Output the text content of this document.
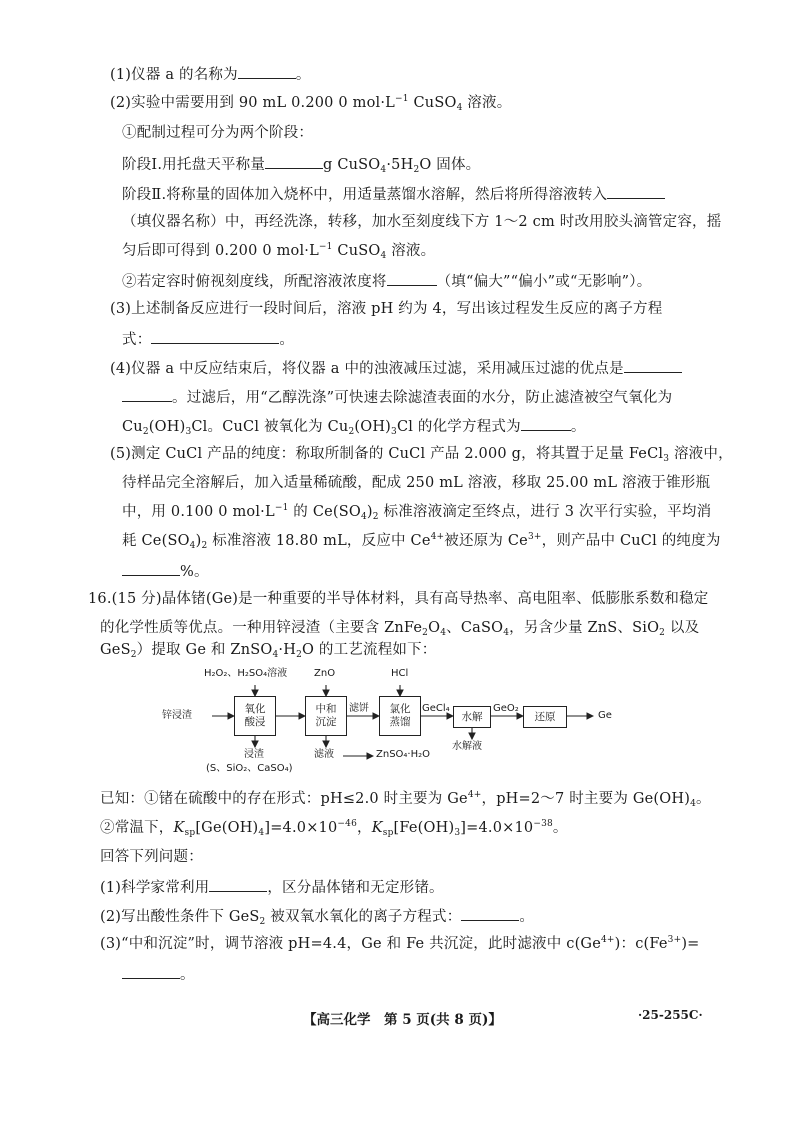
(1)仪器 a 的名称为	。
(2)实验中需要用到 90 mL 0.200 0 $mol\cdot L^{-1}$ CuSO$_4$ 溶液。
①配制过程可分为两个阶段：
阶段Ⅰ.用托盘天平称量	g $CuSO_4\cdot 5H_2O$ 固体。
阶段Ⅱ.将称量的固体加入烧杯中，用适量蒸馏水溶解，然后将所得溶液转入
（填仪器名称）中，再经洗涤，转移，加水至刻度线下方 1～2 cm 时改用胶头滴管定容，摇
匀后即可得到 0.200 0 $mol\cdot L^{-1}$ CuSO$_4$ 溶液。
②若定容时俯视刻度线，所配溶液浓度将	（填“偏大”“偏小”或“无影响”）。
(3)上述制备反应进行一段时间后，溶液 pH 约为 4，写出该过程发生反应的离子方程
式：	。
(4)仪器 a 中反应结束后，将仪器 a 中的浊液减压过滤，采用减压过滤的优点是
。过滤后，用“乙醇洗涤”可快速去除滤渣表面的水分，防止滤渣被空气氧化为
$Cu_2(OH)_3Cl$。CuCl 被氧化为 $Cu_2(OH)_3Cl$ 的化学方程式为	。
(5)测定 CuCl 产品的纯度：称取所制备的 CuCl 产品 2.000 g，将其置于足量 FeCl$_3$ 溶液中，
待样品完全溶解后，加入适量稀硫酸，配成 250 mL 溶液，移取 25.00 mL 溶液于锥形瓶
中，用 0.100 0 $mol\cdot L^{-1}$ 的 $Ce(SO_4)_2$ 标准溶液滴定至终点，进行 3 次平行实验，平均消
耗 $Ce(SO_4)_2$ 标准溶液 18.80 mL，反应中 $Ce^{4+}$被还原为 $Ce^{3+}$，则产品中 CuCl 的纯度为
%。
16.(15 分)晶体锗(Ge)是一种重要的半导体材料，具有高导热率、高电阻率、低膨胀系数和稳定
的化学性质等优点。一种用锌浸渣（主要含 $ZnFe_2O_4$、CaSO$_4$，另含少量 ZnS、SiO$_2$ 以及
GeS$_2$）提取 Ge 和 $ZnSO_4\cdot H_2O$ 的工艺流程如下：
H₂O₂、H₂SO₄溶液	ZnO	HCl
锌浸渣
氧化酸浸
中和沉淀
氯化蒸馏	水解	还原
滤饼	GeCl₄	GeO₂
Ge
浸渣
(S、SiO₂、CaSO₄)
滤液	ZnSO₄·H₂O
水解液
已知：①锗在硫酸中的存在形式：pH≤2.0 时主要为 $Ge^{4+}$，pH=2～7 时主要为 $Ge(OH)_4$。
②常温下，$K_{sp}[Ge(OH)_4]=4.0\times 10^{-46}$，$K_{sp}[Fe(OH)_3]=4.0\times 10^{-38}$。
回答下列问题：
(1)科学家常利用	，区分晶体锗和无定形锗。
(2)写出酸性条件下 GeS$_2$ 被双氧水氧化的离子方程式：	。
(3)“中和沉淀”时，调节溶液 pH=4.4，Ge 和 Fe 共沉淀，此时滤液中 $c(Ge^{4+})$：$c(Fe^{3+})=$
。
【高三化学　第 5 页(共 8 页)】	·25-255C·
